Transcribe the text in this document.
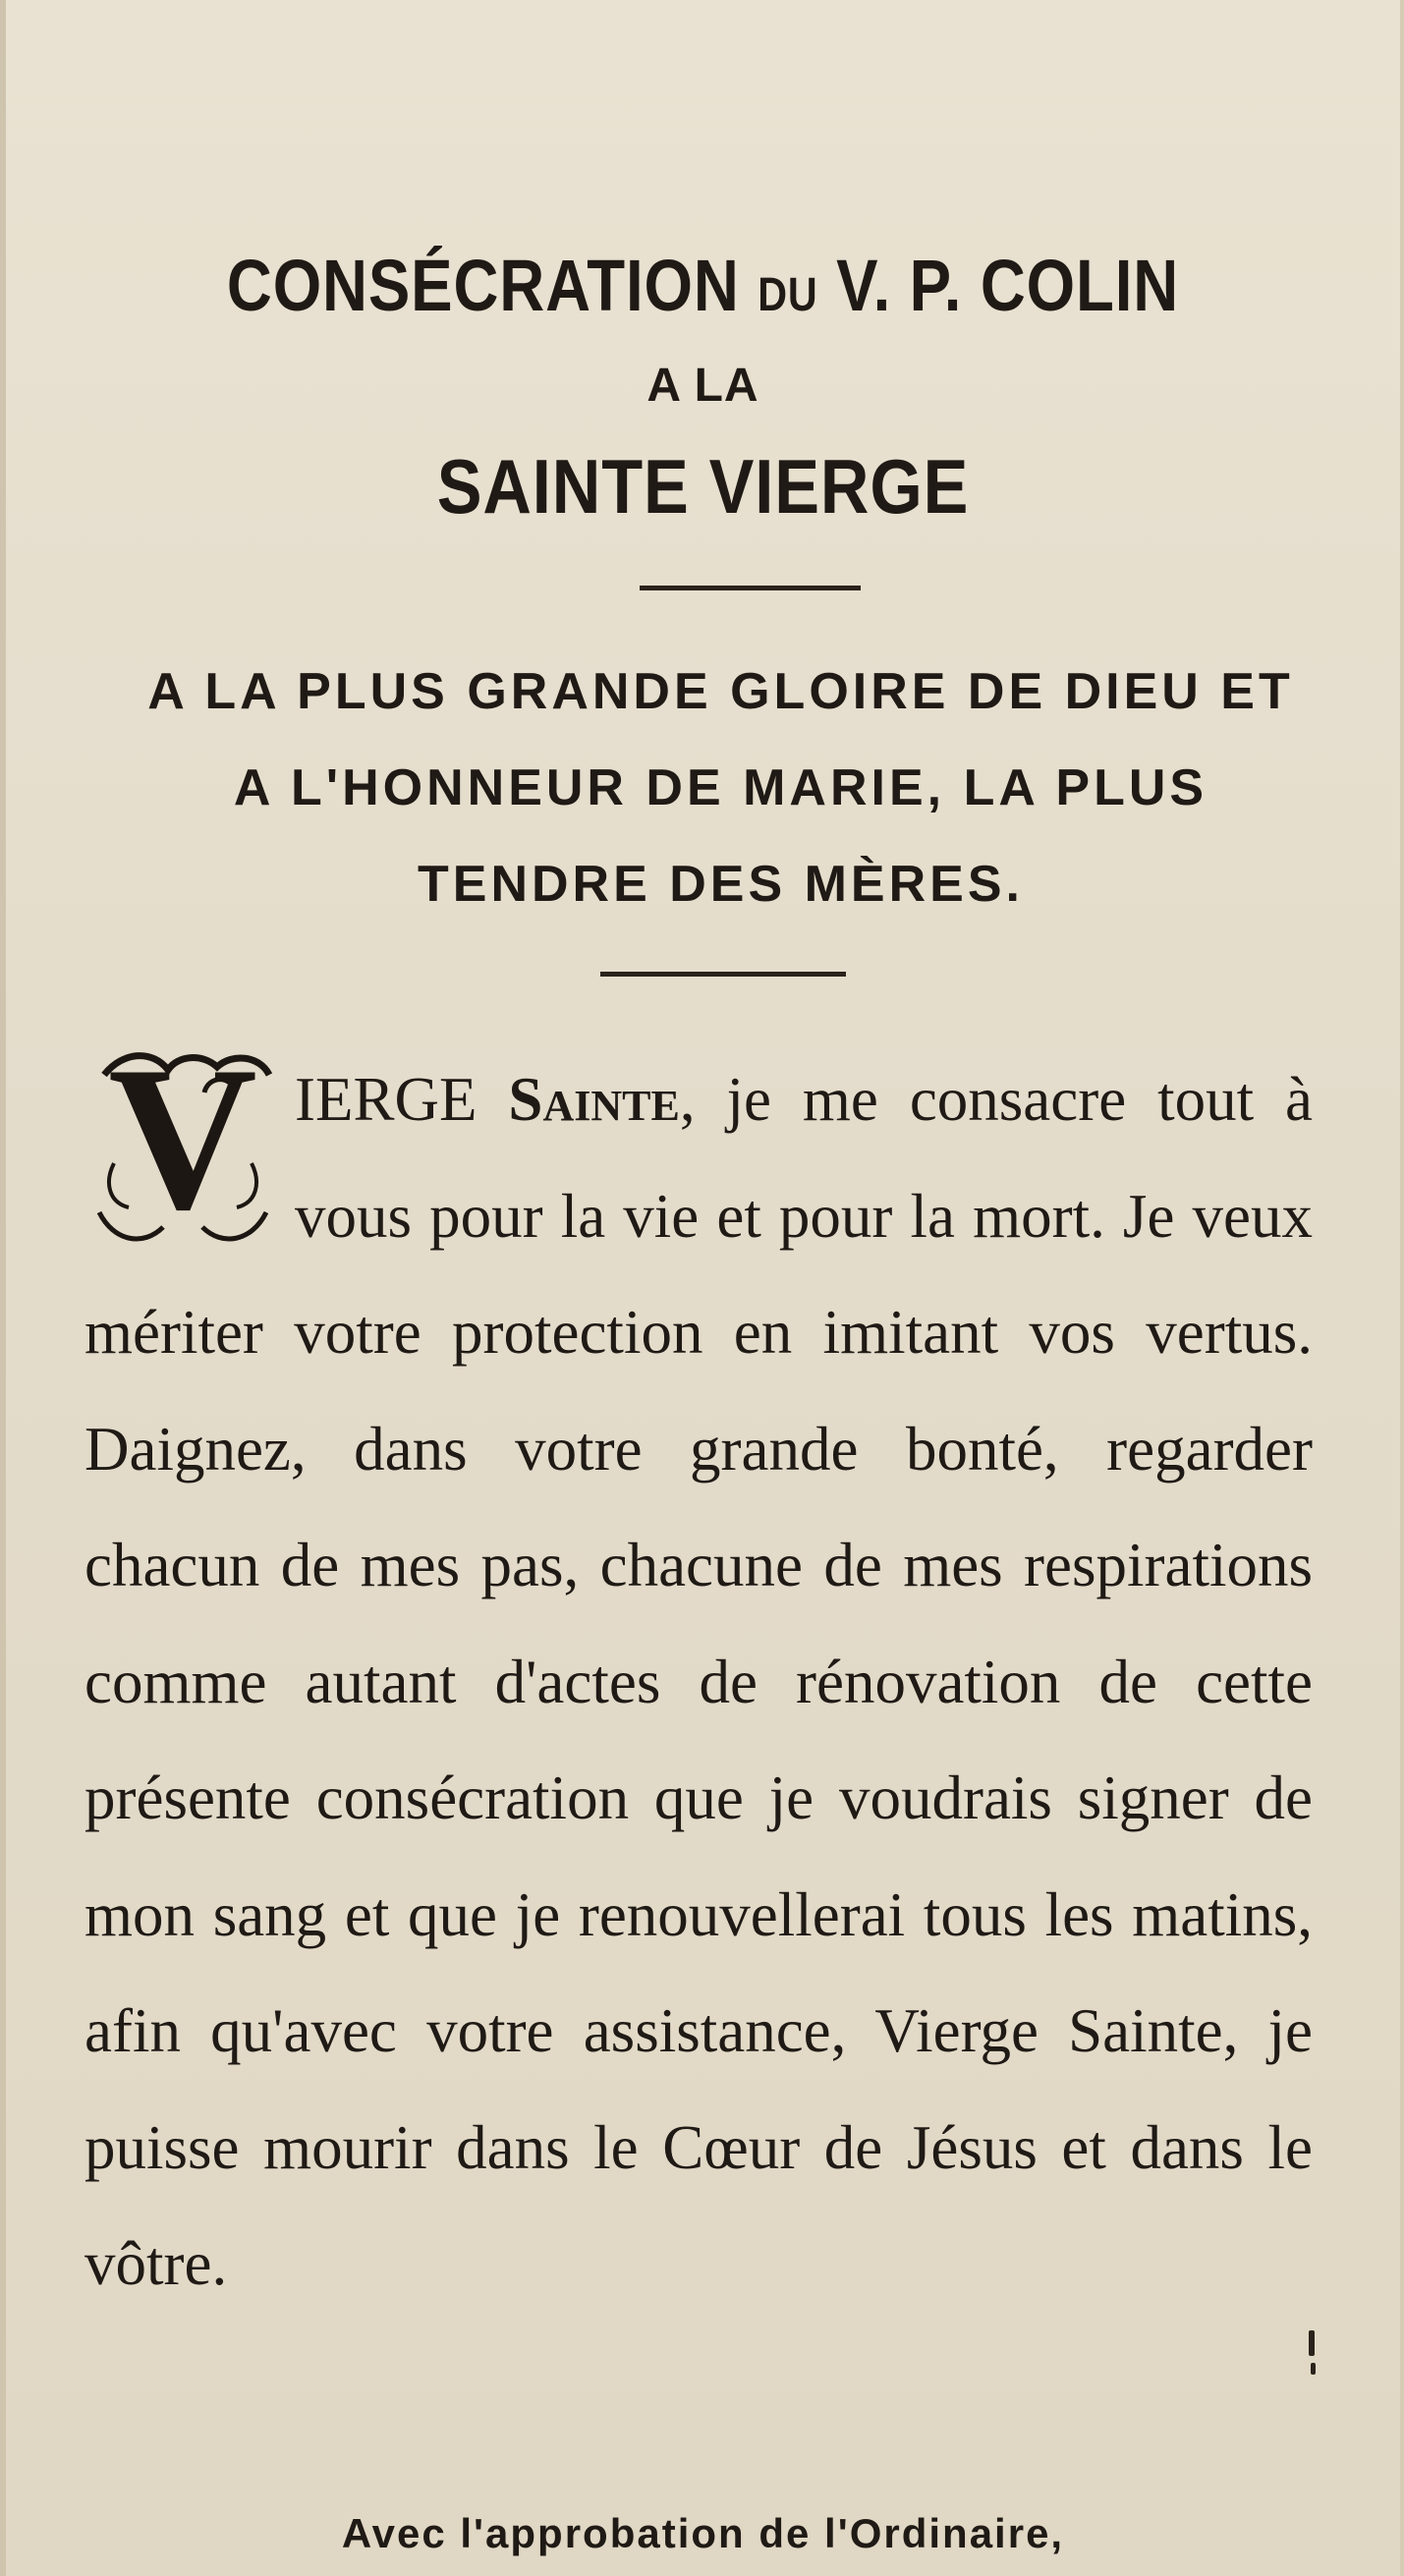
CONSÉCRATION DU V. P. COLIN
A LA
SAINTE VIERGE

A LA PLUS GRANDE GLOIRE DE DIEU ET A L'HONNEUR DE MARIE, LA PLUS TENDRE DES MÈRES.

V IERGE Sainte, je me consacre tout à vous pour la vie et pour la mort. Je veux mériter votre protection en imitant vos vertus. Daignez, dans votre grande bonté, regarder chacun de mes pas, chacune de mes respirations comme autant d'actes de rénovation de cette présente consécration que je voudrais signer de mon sang et que je renouvellerai tous les matins, afin qu'avec votre assistance, Vierge Sainte, je puisse mourir dans le Cœur de Jésus et dans le vôtre.

Avec l'approbation de l'Ordinaire,
